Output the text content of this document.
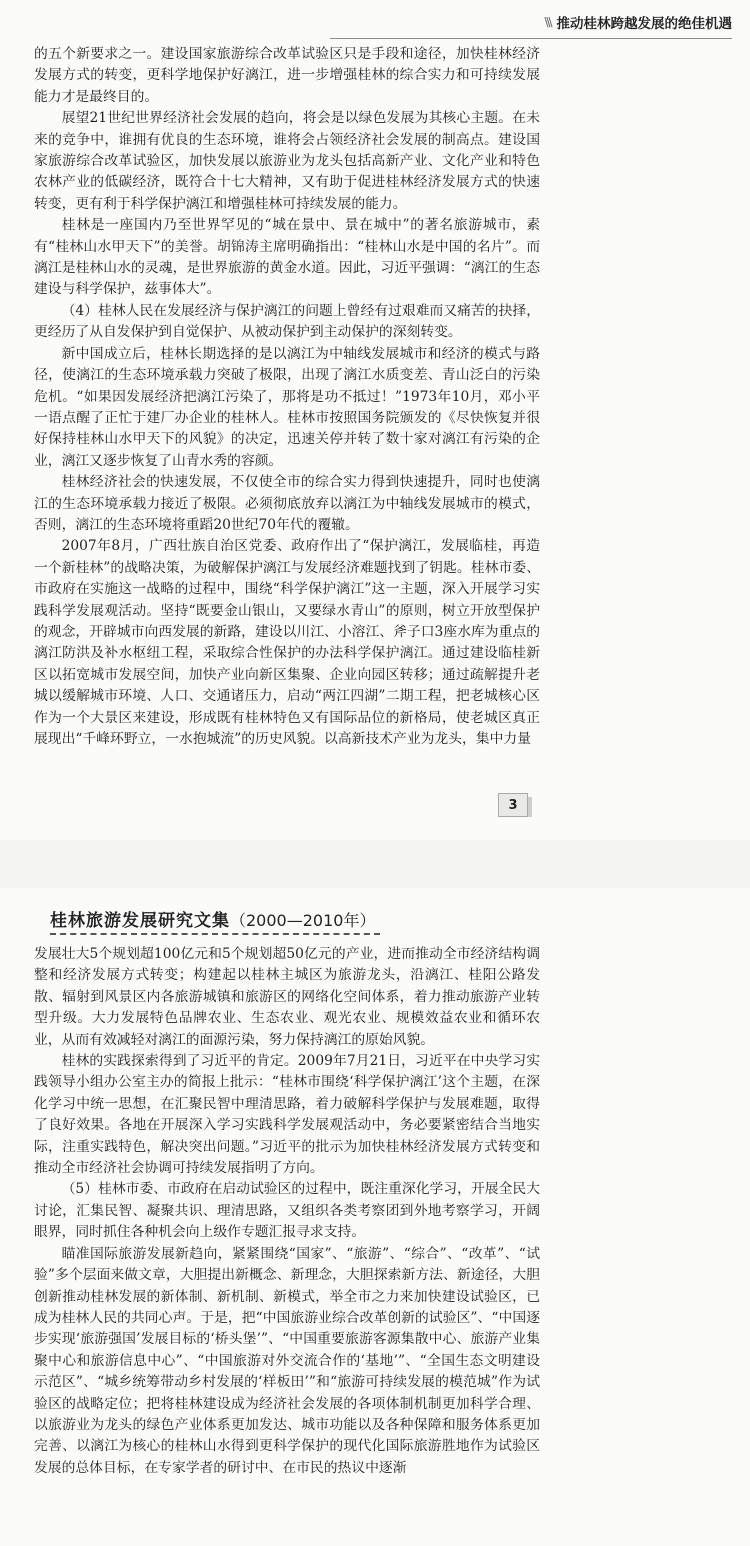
\\\ 推动桂林跨越发展的绝佳机遇

的五个新要求之一。建设国家旅游综合改革试验区只是手段和途径，加快桂林经济发展方式的转变，更科学地保护好漓江，进一步增强桂林的综合实力和可持续发展能力才是最终目的。

展望21世纪世界经济社会发展的趋向，将会是以绿色发展为其核心主题。在未来的竞争中，谁拥有优良的生态环境，谁将会占领经济社会发展的制高点。建设国家旅游综合改革试验区，加快发展以旅游业为龙头包括高新产业、文化产业和特色农林产业的低碳经济，既符合十七大精神，又有助于促进桂林经济发展方式的快速转变，更有利于科学保护漓江和增强桂林可持续发展的能力。

桂林是一座国内乃至世界罕见的“城在景中、景在城中”的著名旅游城市，素有“桂林山水甲天下”的美誉。胡锦涛主席明确指出：“桂林山水是中国的名片”。而漓江是桂林山水的灵魂，是世界旅游的黄金水道。因此，习近平强调：“漓江的生态建设与科学保护，兹事体大”。

（4）桂林人民在发展经济与保护漓江的问题上曾经有过艰难而又痛苦的抉择，更经历了从自发保护到自觉保护、从被动保护到主动保护的深刻转变。

新中国成立后，桂林长期选择的是以漓江为中轴线发展城市和经济的模式与路径，使漓江的生态环境承载力突破了极限，出现了漓江水质变差、青山泛白的污染危机。“如果因发展经济把漓江污染了，那将是功不抵过！”1973年10月，邓小平一语点醒了正忙于建厂办企业的桂林人。桂林市按照国务院颁发的《尽快恢复并很好保持桂林山水甲天下的风貌》的决定，迅速关停并转了数十家对漓江有污染的企业，漓江又逐步恢复了山青水秀的容颜。

桂林经济社会的快速发展，不仅使全市的综合实力得到快速提升，同时也使漓江的生态环境承载力接近了极限。必须彻底放弃以漓江为中轴线发展城市的模式，否则，漓江的生态环境将重蹈20世纪70年代的覆辙。

2007年8月，广西壮族自治区党委、政府作出了“保护漓江，发展临桂，再造一个新桂林”的战略决策，为破解保护漓江与发展经济难题找到了钥匙。桂林市委、市政府在实施这一战略的过程中，围绕“科学保护漓江”这一主题，深入开展学习实践科学发展观活动。坚持“既要金山银山，又要绿水青山”的原则，树立开放型保护的观念，开辟城市向西发展的新路，建设以川江、小溶江、斧子口3座水库为重点的漓江防洪及补水枢纽工程，采取综合性保护的办法科学保护漓江。通过建设临桂新区以拓宽城市发展空间，加快产业向新区集聚、企业向园区转移；通过疏解提升老城以缓解城市环境、人口、交通诸压力，启动“两江四湖”二期工程，把老城核心区作为一个大景区来建设，形成既有桂林特色又有国际品位的新格局，使老城区真正展现出“千峰环野立，一水抱城流”的历史风貌。以高新技术产业为龙头，集中力量

3
桂林旅游发展研究文集（2000—2010年）

发展壮大5个规划超100亿元和5个规划超50亿元的产业，进而推动全市经济结构调整和经济发展方式转变；构建起以桂林主城区为旅游龙头，沿漓江、桂阳公路发散、辐射到风景区内各旅游城镇和旅游区的网络化空间体系，着力推动旅游产业转型升级。大力发展特色品牌农业、生态农业、观光农业、规模效益农业和循环农业，从而有效减轻对漓江的面源污染，努力保持漓江的原始风貌。

桂林的实践探索得到了习近平的肯定。2009年7月21日，习近平在中央学习实践领导小组办公室主办的简报上批示：“桂林市围绕‘科学保护漓江’这个主题，在深化学习中统一思想，在汇聚民智中理清思路，着力破解科学保护与发展难题，取得了良好效果。各地在开展深入学习实践科学发展观活动中，务必要紧密结合当地实际，注重实践特色，解决突出问题。”习近平的批示为加快桂林经济发展方式转变和推动全市经济社会协调可持续发展指明了方向。

（5）桂林市委、市政府在启动试验区的过程中，既注重深化学习，开展全民大讨论，汇集民智、凝聚共识、理清思路，又组织各类考察团到外地考察学习，开阔眼界，同时抓住各种机会向上级作专题汇报寻求支持。

瞄准国际旅游发展新趋向，紧紧围绕“国家”、“旅游”、“综合”、“改革”、“试验”多个层面来做文章，大胆提出新概念、新理念，大胆探索新方法、新途径，大胆创新推动桂林发展的新体制、新机制、新模式，举全市之力来加快建设试验区，已成为桂林人民的共同心声。于是，把“中国旅游业综合改革创新的试验区”、“中国逐步实现‘旅游强国’发展目标的‘桥头堡’”、“中国重要旅游客源集散中心、旅游产业集聚中心和旅游信息中心”、“中国旅游对外交流合作的‘基地’”、“全国生态文明建设示范区”、“城乡统筹带动乡村发展的‘样板田’”和“旅游可持续发展的模范城”作为试验区的战略定位；把将桂林建设成为经济社会发展的各项体制机制更加科学合理、以旅游业为龙头的绿色产业体系更加发达、城市功能以及各种保障和服务体系更加完善、以漓江为核心的桂林山水得到更科学保护的现代化国际旅游胜地作为试验区发展的总体目标，在专家学者的研讨中、在市民的热议中逐渐
